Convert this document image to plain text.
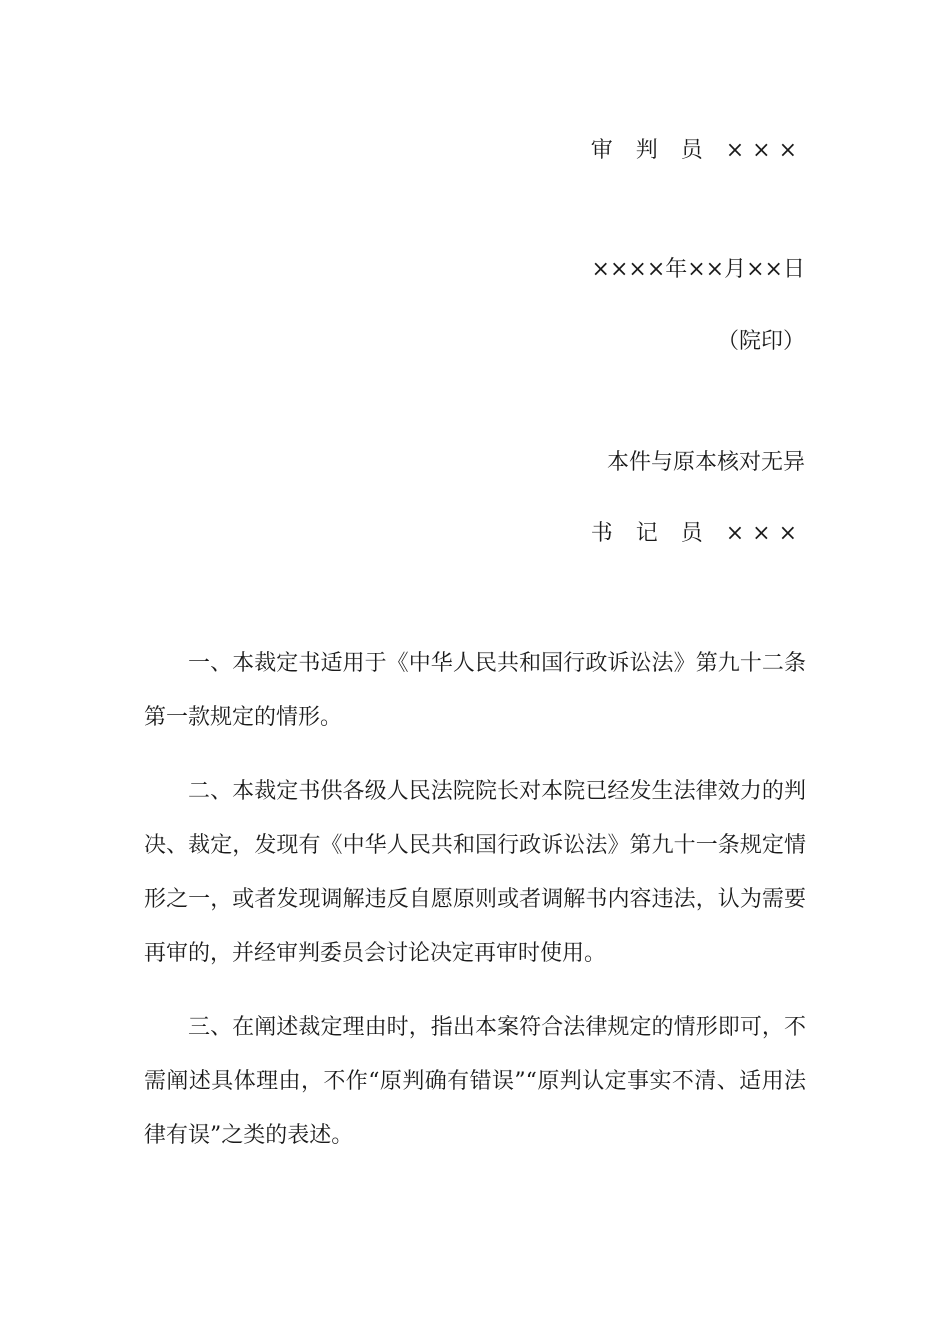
审 判 员 ×××
××××年××月××日
（院印）
本件与原本核对无异
书 记 员 ×××

一、本裁定书适用于《中华人民共和国行政诉讼法》第九十二条第一款规定的情形。

二、本裁定书供各级人民法院院长对本院已经发生法律效力的判决、裁定，发现有《中华人民共和国行政诉讼法》第九十一条规定情形之一，或者发现调解违反自愿原则或者调解书内容违法，认为需要再审的，并经审判委员会讨论决定再审时使用。

三、在阐述裁定理由时，指出本案符合法律规定的情形即可，不需阐述具体理由，不作“原判确有错误”“原判认定事实不清、适用法律有误”之类的表述。
